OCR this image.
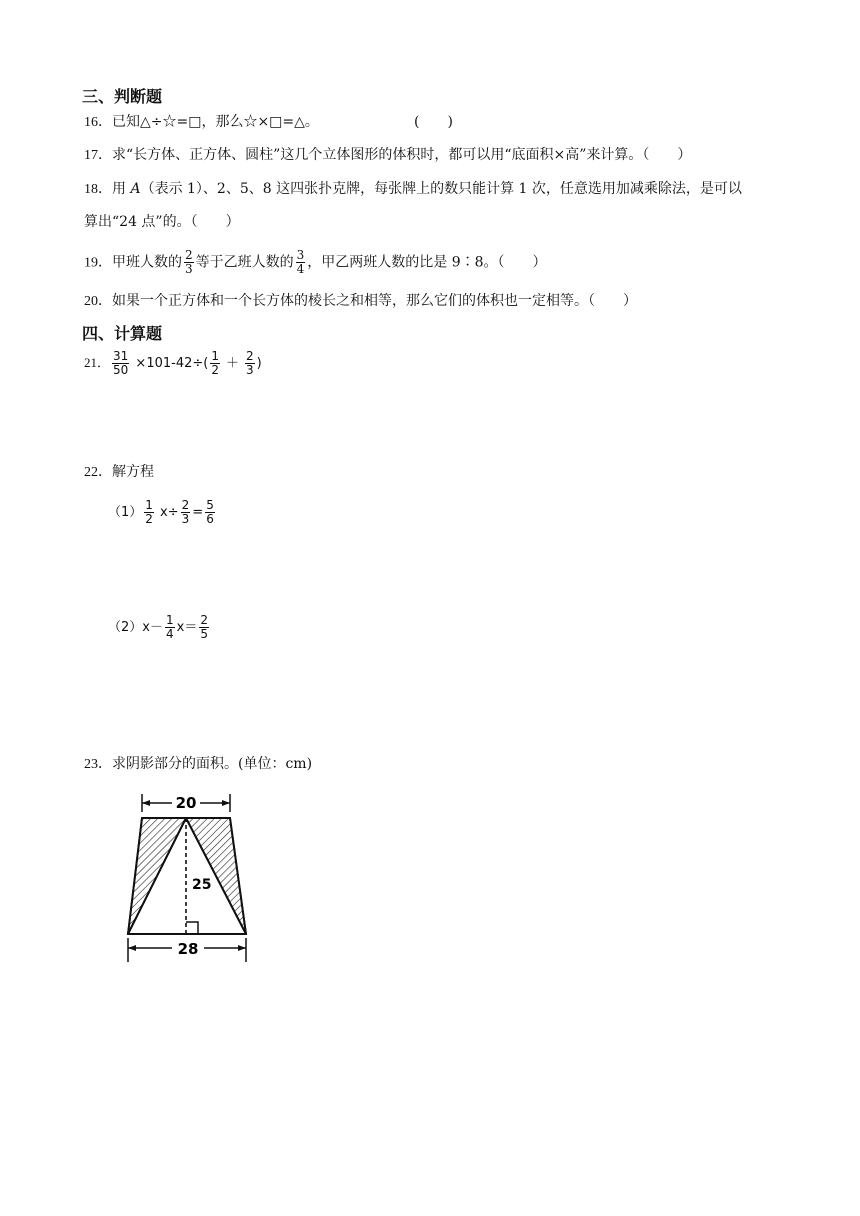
三、判断题
16．已知△÷☆=□，那么☆×□=△。	(　　)
17．求“长方体、正方体、圆柱”这几个立体图形的体积时，都可以用“底面积×高”来计算。（　　）
18．用 A（表示 1）、2、5、8 这四张扑克牌，每张牌上的数只能计算 1 次，任意选用加减乘除法，是可以
算出“24 点”的。（　　）
19．甲班人数的 $\frac{2}{3}$ 等于乙班人数的 $\frac{3}{4}$ ，甲乙两班人数的比是 9∶8。（　　）
20．如果一个正方体和一个长方体的棱长之和相等，那么它们的体积也一定相等。（　　）
四、计算题
21． $\frac{31}{50} \times 101-42\div( \frac{1}{2} + \frac{2}{3}$ )
22．解方程
$(1) \frac{1}{2} x\div \frac{2}{3} = \frac{5}{6}$
$(2)x- \frac{1}{4} x= \frac{2}{5}$
23．求阴影部分的面积。(单位：cm)
20
25
28
